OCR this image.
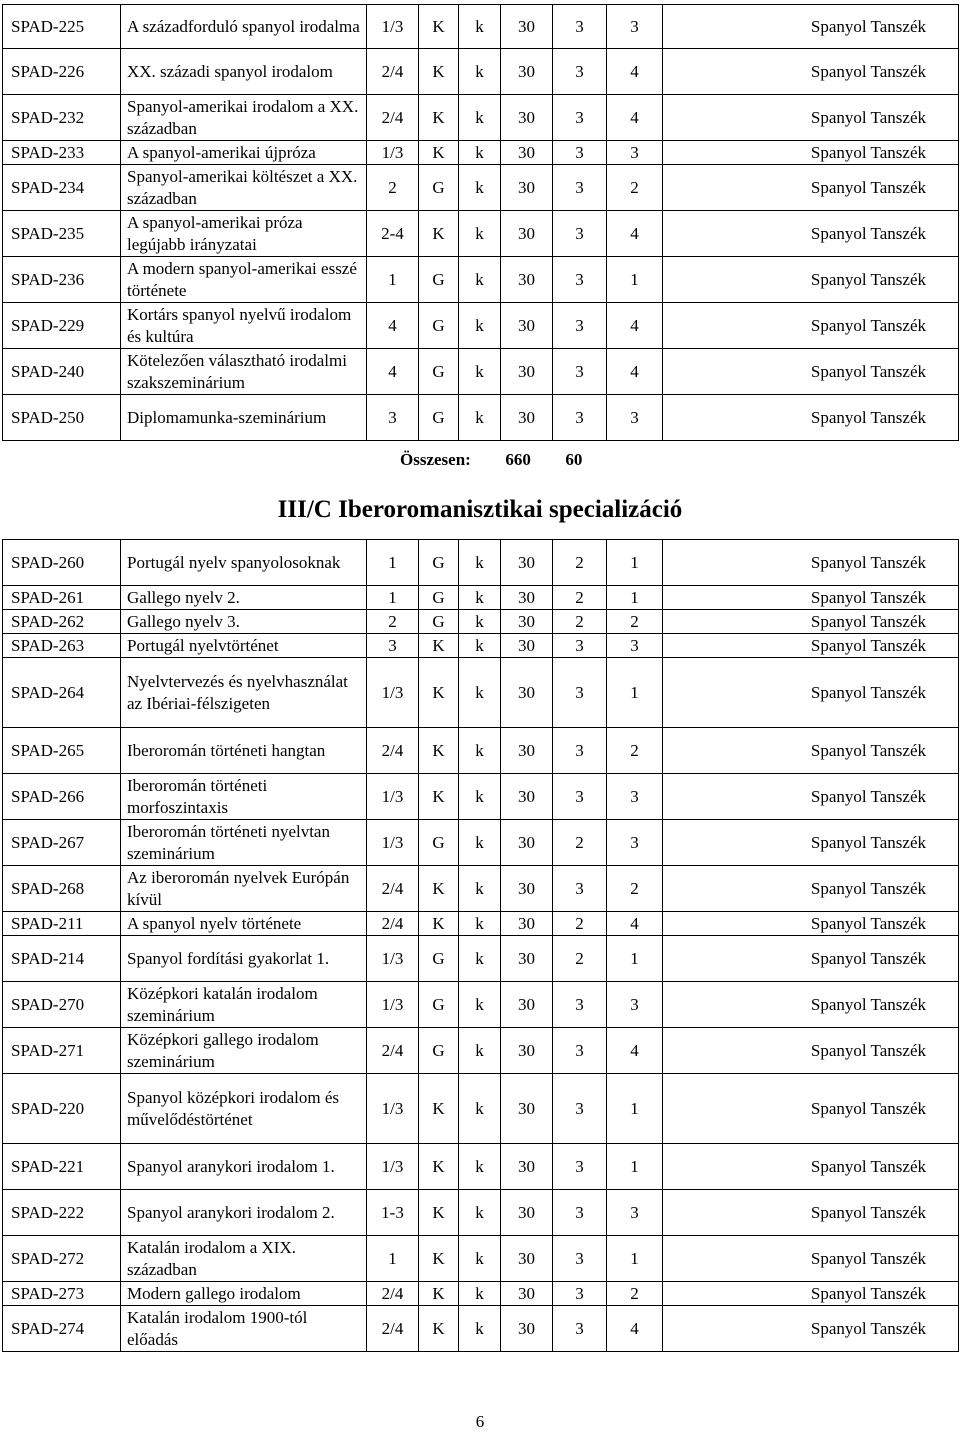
SPAD-225	A századforduló spanyol irodalma	1/3	K	k	30	3	3	Spanyol Tanszék
SPAD-226	XX. századi spanyol irodalom	2/4	K	k	30	3	4	Spanyol Tanszék
SPAD-232	Spanyol-amerikai irodalom a XX. században	2/4	K	k	30	3	4	Spanyol Tanszék
SPAD-233	A spanyol-amerikai újpróza	1/3	K	k	30	3	3	Spanyol Tanszék
SPAD-234	Spanyol-amerikai költészet a XX. században	2	G	k	30	3	2	Spanyol Tanszék
SPAD-235	A spanyol-amerikai próza legújabb irányzatai	2-4	K	k	30	3	4	Spanyol Tanszék
SPAD-236	A modern spanyol-amerikai esszé története	1	G	k	30	3	1	Spanyol Tanszék
SPAD-229	Kortárs spanyol nyelvű irodalom és kultúra	4	G	k	30	3	4	Spanyol Tanszék
SPAD-240	Kötelezően választható irodalmi szakszeminárium	4	G	k	30	3	4	Spanyol Tanszék
SPAD-250	Diplomamunka-szeminárium	3	G	k	30	3	3	Spanyol Tanszék
Összesen: 660 60
III/C Iberoromanisztikai specializáció
SPAD-260	Portugál nyelv spanyolosoknak	1	G	k	30	2	1	Spanyol Tanszék
SPAD-261	Gallego nyelv 2.	1	G	k	30	2	1	Spanyol Tanszék
SPAD-262	Gallego nyelv 3.	2	G	k	30	2	2	Spanyol Tanszék
SPAD-263	Portugál nyelvtörténet	3	K	k	30	3	3	Spanyol Tanszék
SPAD-264	Nyelvtervezés és nyelvhasználat az Ibériai-félszigeten	1/3	K	k	30	3	1	Spanyol Tanszék
SPAD-265	Iberoromán történeti hangtan	2/4	K	k	30	3	2	Spanyol Tanszék
SPAD-266	Iberoromán történeti morfoszintaxis	1/3	K	k	30	3	3	Spanyol Tanszék
SPAD-267	Iberoromán történeti nyelvtan szeminárium	1/3	G	k	30	2	3	Spanyol Tanszék
SPAD-268	Az iberoromán nyelvek Európán kívül	2/4	K	k	30	3	2	Spanyol Tanszék
SPAD-211	A spanyol nyelv története	2/4	K	k	30	2	4	Spanyol Tanszék
SPAD-214	Spanyol fordítási gyakorlat 1.	1/3	G	k	30	2	1	Spanyol Tanszék
SPAD-270	Középkori katalán irodalom szeminárium	1/3	G	k	30	3	3	Spanyol Tanszék
SPAD-271	Középkori gallego irodalom szeminárium	2/4	G	k	30	3	4	Spanyol Tanszék
SPAD-220	Spanyol középkori irodalom és művelődéstörténet	1/3	K	k	30	3	1	Spanyol Tanszék
SPAD-221	Spanyol aranykori irodalom 1.	1/3	K	k	30	3	1	Spanyol Tanszék
SPAD-222	Spanyol aranykori irodalom 2.	1-3	K	k	30	3	3	Spanyol Tanszék
SPAD-272	Katalán irodalom a XIX. században	1	K	k	30	3	1	Spanyol Tanszék
SPAD-273	Modern gallego irodalom	2/4	K	k	30	3	2	Spanyol Tanszék
SPAD-274	Katalán irodalom 1900-tól előadás	2/4	K	k	30	3	4	Spanyol Tanszék
6
